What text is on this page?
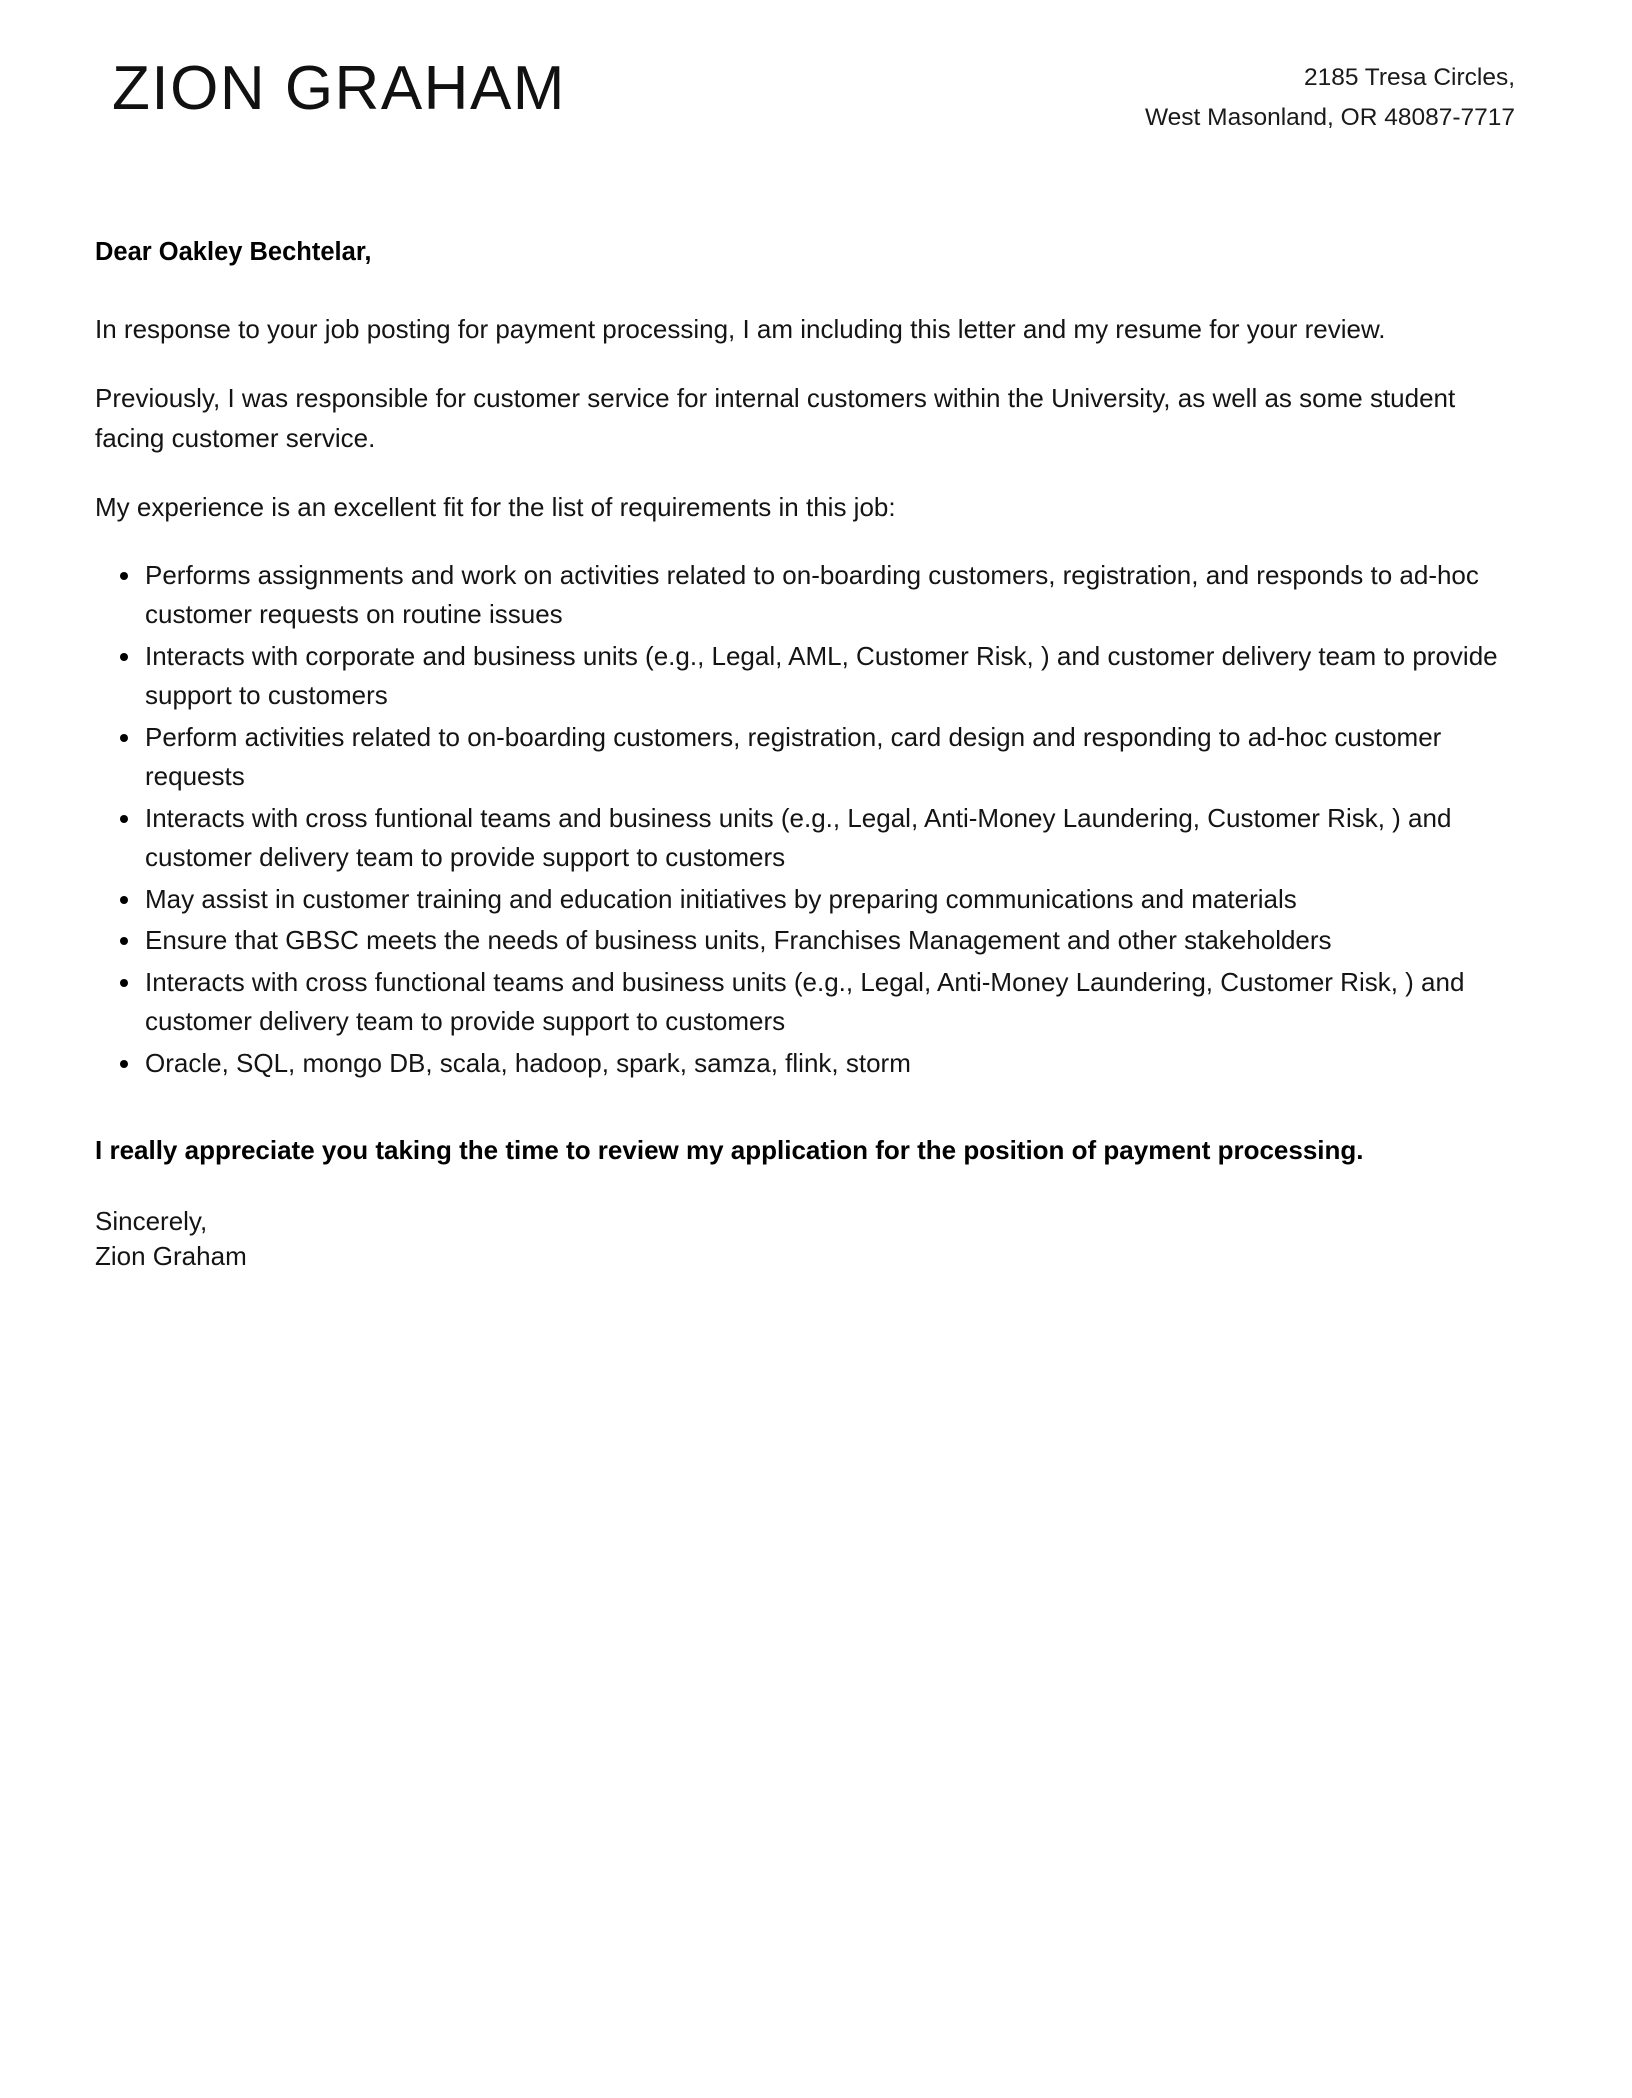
ZION GRAHAM	2185 Tresa Circles,
West Masonland, OR 48087-7717

Dear Oakley Bechtelar,

In response to your job posting for payment processing, I am including this letter and my resume for your review.

Previously, I was responsible for customer service for internal customers within the University, as well as some student facing customer service.

My experience is an excellent fit for the list of requirements in this job:

Performs assignments and work on activities related to on-boarding customers, registration, and responds to ad-hoc customer requests on routine issues
Interacts with corporate and business units (e.g., Legal, AML, Customer Risk, ) and customer delivery team to provide support to customers
Perform activities related to on-boarding customers, registration, card design and responding to ad-hoc customer requests
Interacts with cross funtional teams and business units (e.g., Legal, Anti-Money Laundering, Customer Risk, ) and customer delivery team to provide support to customers
May assist in customer training and education initiatives by preparing communications and materials
Ensure that GBSC meets the needs of business units, Franchises Management and other stakeholders
Interacts with cross functional teams and business units (e.g., Legal, Anti-Money Laundering, Customer Risk, ) and customer delivery team to provide support to customers
Oracle, SQL, mongo DB, scala, hadoop, spark, samza, flink, storm

I really appreciate you taking the time to review my application for the position of payment processing.

Sincerely,
Zion Graham
